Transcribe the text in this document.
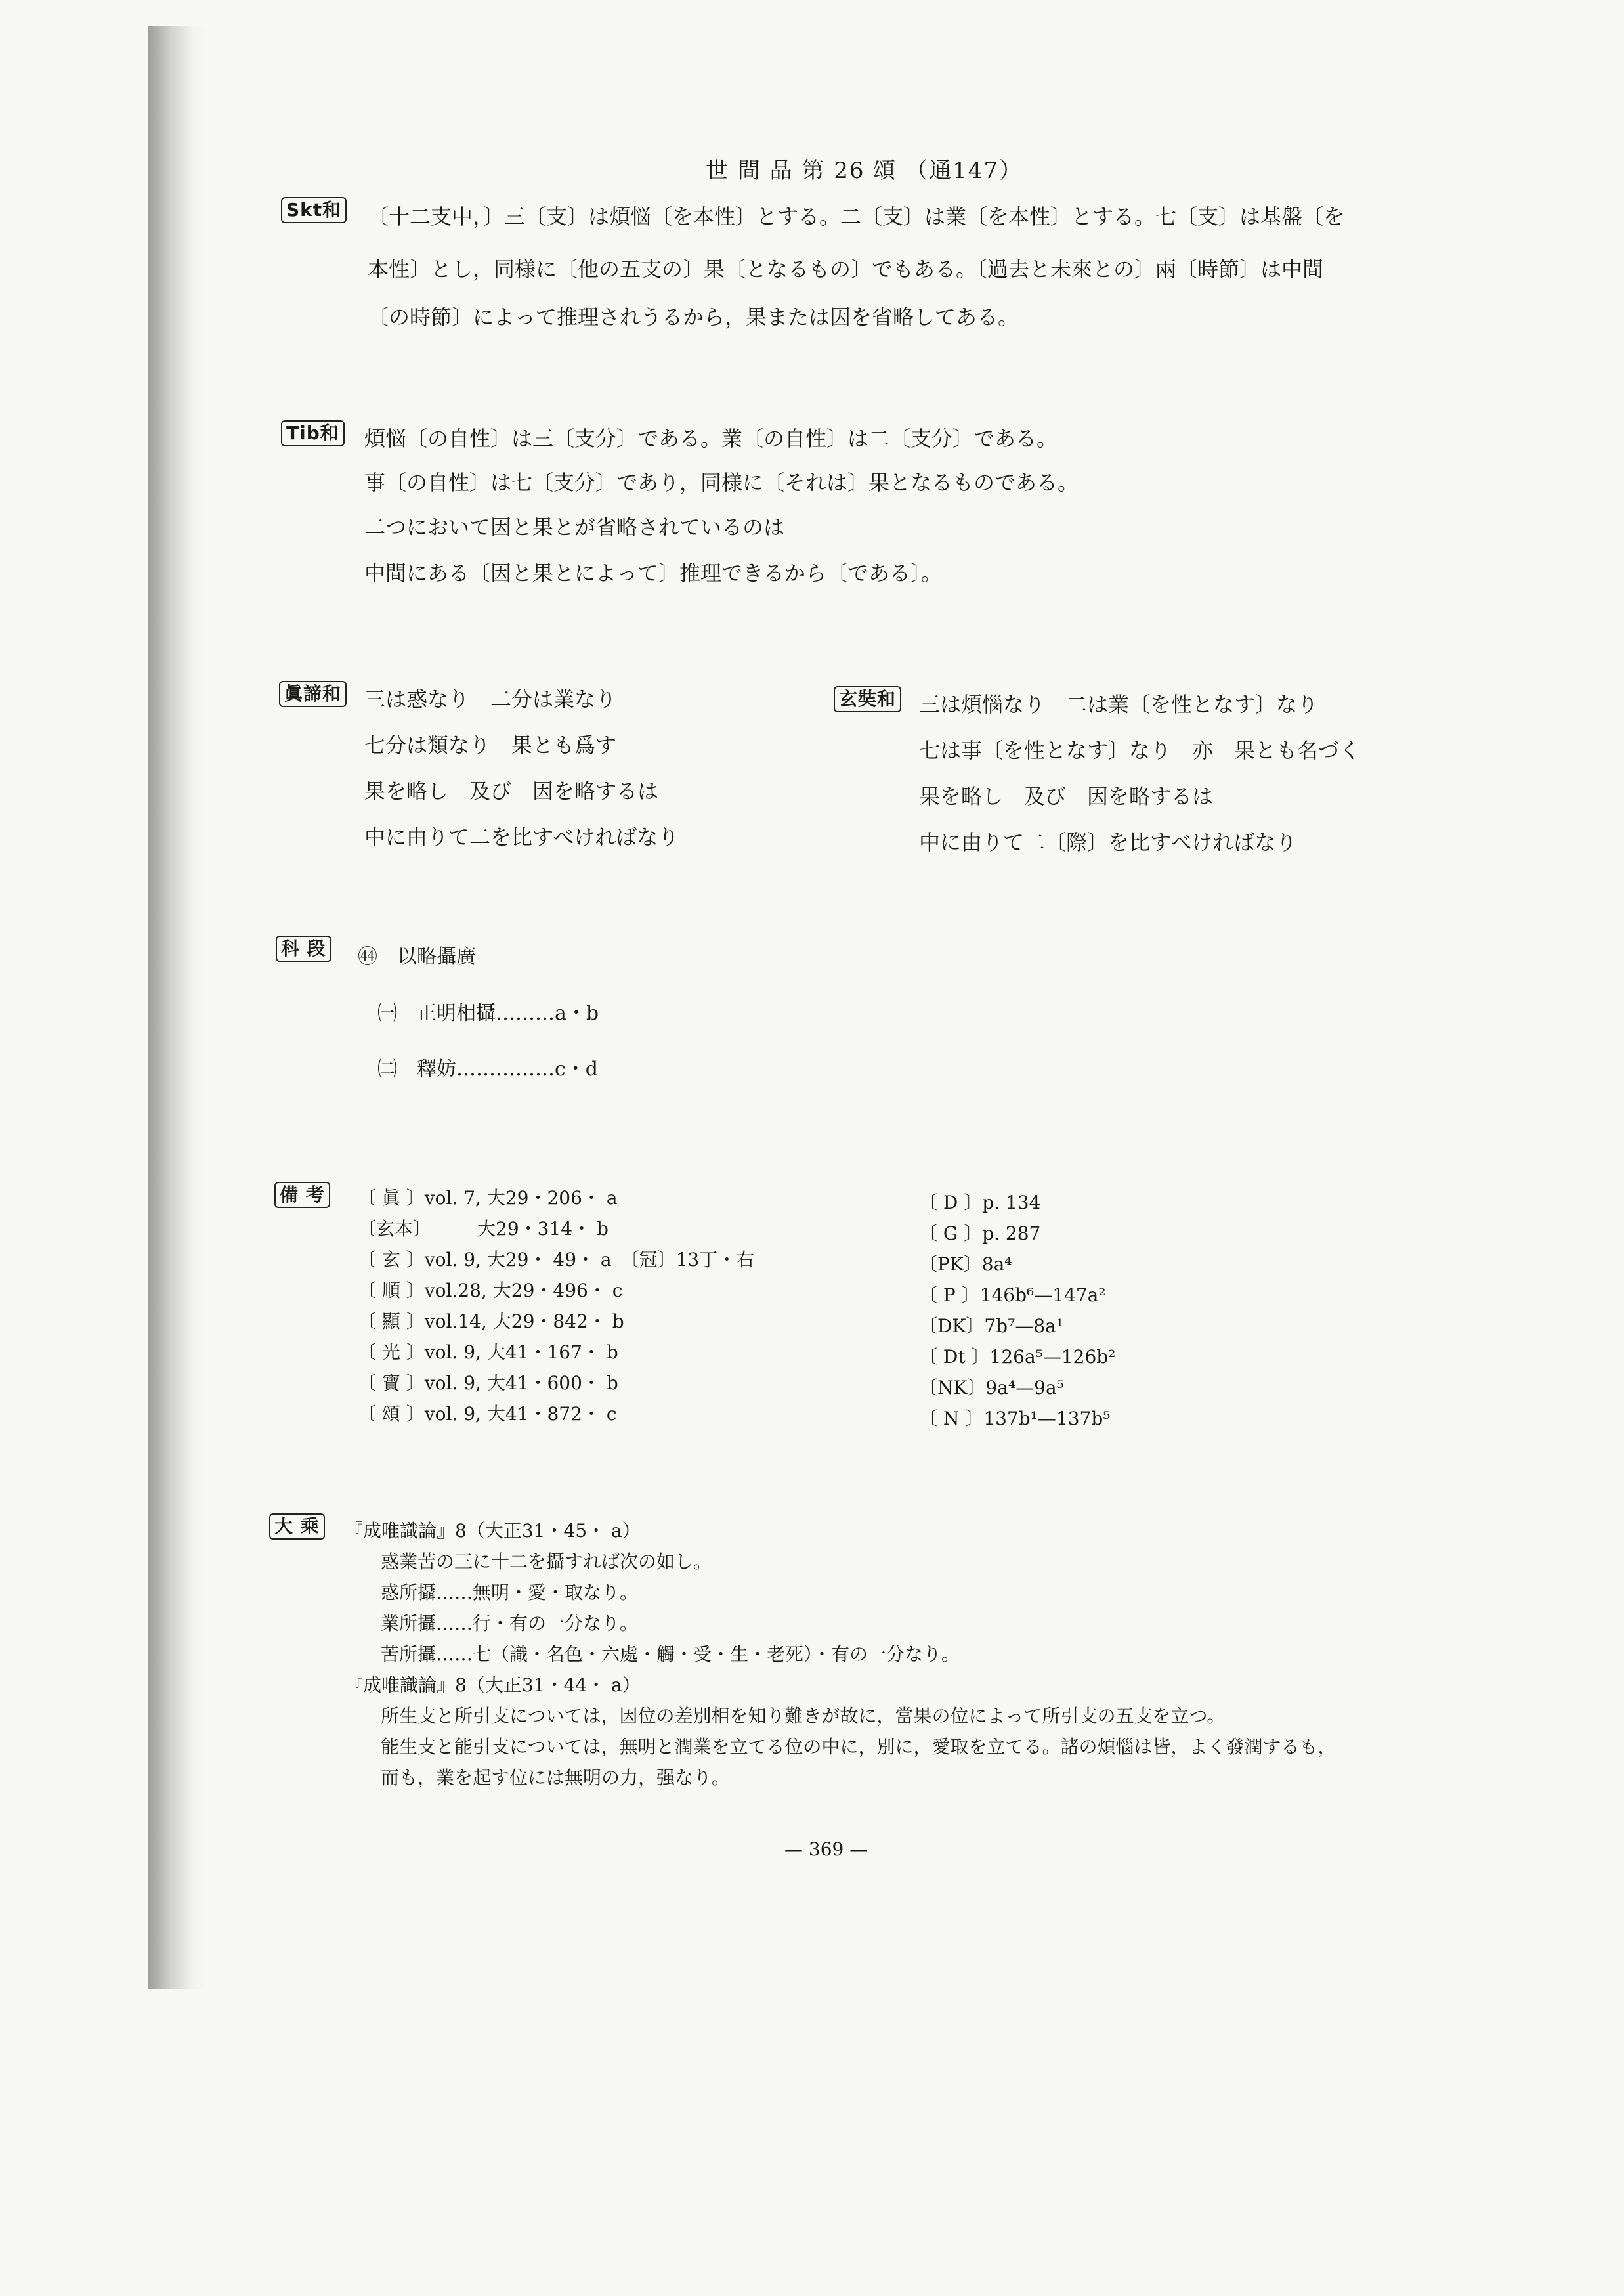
世 間 品 第 26 頌 （通147）
Skt和 〔十二支中，〕三〔支〕は煩悩〔を本性〕とする。二〔支〕は業〔を本性〕とする。七〔支〕は基盤〔を
本性〕とし，同様に〔他の五支の〕果〔となるもの〕でもある。〔過去と未來との〕兩〔時節〕は中間
〔の時節〕によって推理されうるから，果または因を省略してある。
Tib和 煩悩〔の自性〕は三〔支分〕である。業〔の自性〕は二〔支分〕である。
事〔の自性〕は七〔支分〕であり，同様に〔それは〕果となるものである。
二つにおいて因と果とが省略されているのは
中間にある〔因と果とによって〕推理できるから〔である〕。
眞諦和 三は惑なり　二分は業なり
七分は類なり　果とも爲す
果を略し　及び　因を略するは
中に由りて二を比すべければなり
玄奘和 三は煩惱なり　二は業〔を性となす〕なり
七は事〔を性となす〕なり　亦　果とも名づく
果を略し　及び　因を略するは
中に由りて二〔際〕を比すべければなり
科 段 ㊹ 以略攝廣
㈠ 正明相攝………a・b
㈡ 釋妨……………c・d
備 考 〔 眞 〕vol. 7, 大29・206・ a
〔玄本〕　　　大29・314・ b
〔 玄 〕vol. 9, 大29・ 49・ a　〔冠〕13丁・右
〔 順 〕vol.28, 大29・496・ c
〔 顯 〕vol.14, 大29・842・ b
〔 光 〕vol. 9, 大41・167・ b
〔 寶 〕vol. 9, 大41・600・ b
〔 頌 〕vol. 9, 大41・872・ c
〔 D 〕p. 134
〔 G 〕p. 287
〔PK〕8a⁴
〔 P 〕146b⁶—147a²
〔DK〕7b⁷—8a¹
〔 Dt 〕126a⁵—126b²
〔NK〕9a⁴—9a⁵
〔 N 〕137b¹—137b⁵
大 乘 『成唯識論』8（大正31・45・ a）
惑業苦の三に十二を攝すれば次の如し。
惑所攝……無明・愛・取なり。
業所攝……行・有の一分なり。
苦所攝……七（識・名色・六處・觸・受・生・老死）・有の一分なり。
『成唯識論』8（大正31・44・ a）
所生支と所引支については，因位の差別相を知り難きが故に，當果の位によって所引支の五支を立つ。
能生支と能引支については，無明と潤業を立てる位の中に，別に，愛取を立てる。諸の煩惱は皆，よく發潤するも，
而も，業を起す位には無明の力，强なり。
— 369 —
